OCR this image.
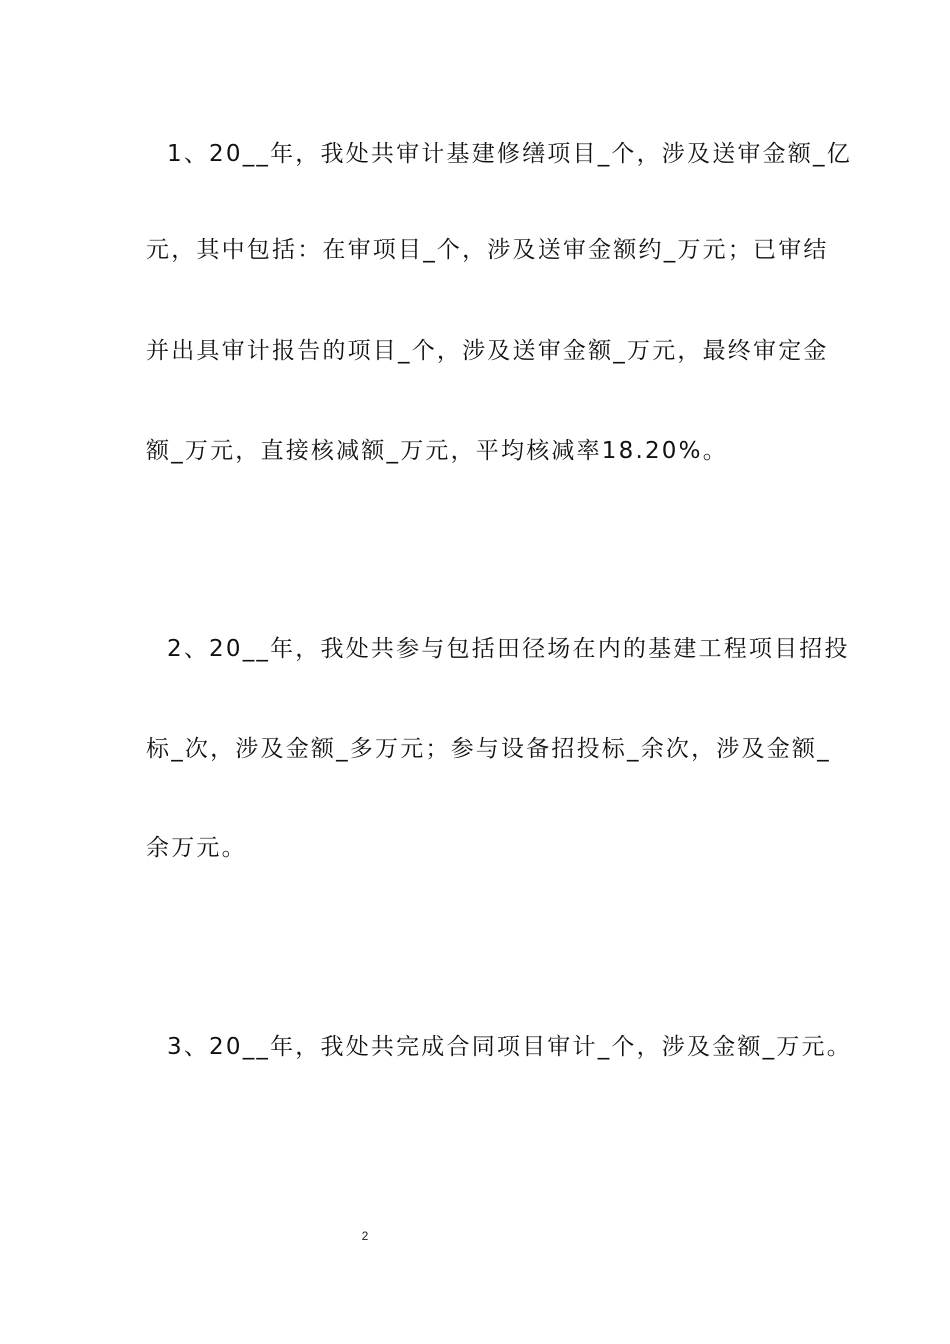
1、20__年，我处共审计基建修缮项目_个，涉及送审金额_亿
元，其中包括：在审项目_个，涉及送审金额约_万元；已审结
并出具审计报告的项目_个，涉及送审金额_万元，最终审定金
额_万元，直接核减额_万元，平均核减率18.20%。
2、20__年，我处共参与包括田径场在内的基建工程项目招投
标_次，涉及金额_多万元；参与设备招投标_余次，涉及金额_
余万元。
3、20__年，我处共完成合同项目审计_个，涉及金额_万元。
2
